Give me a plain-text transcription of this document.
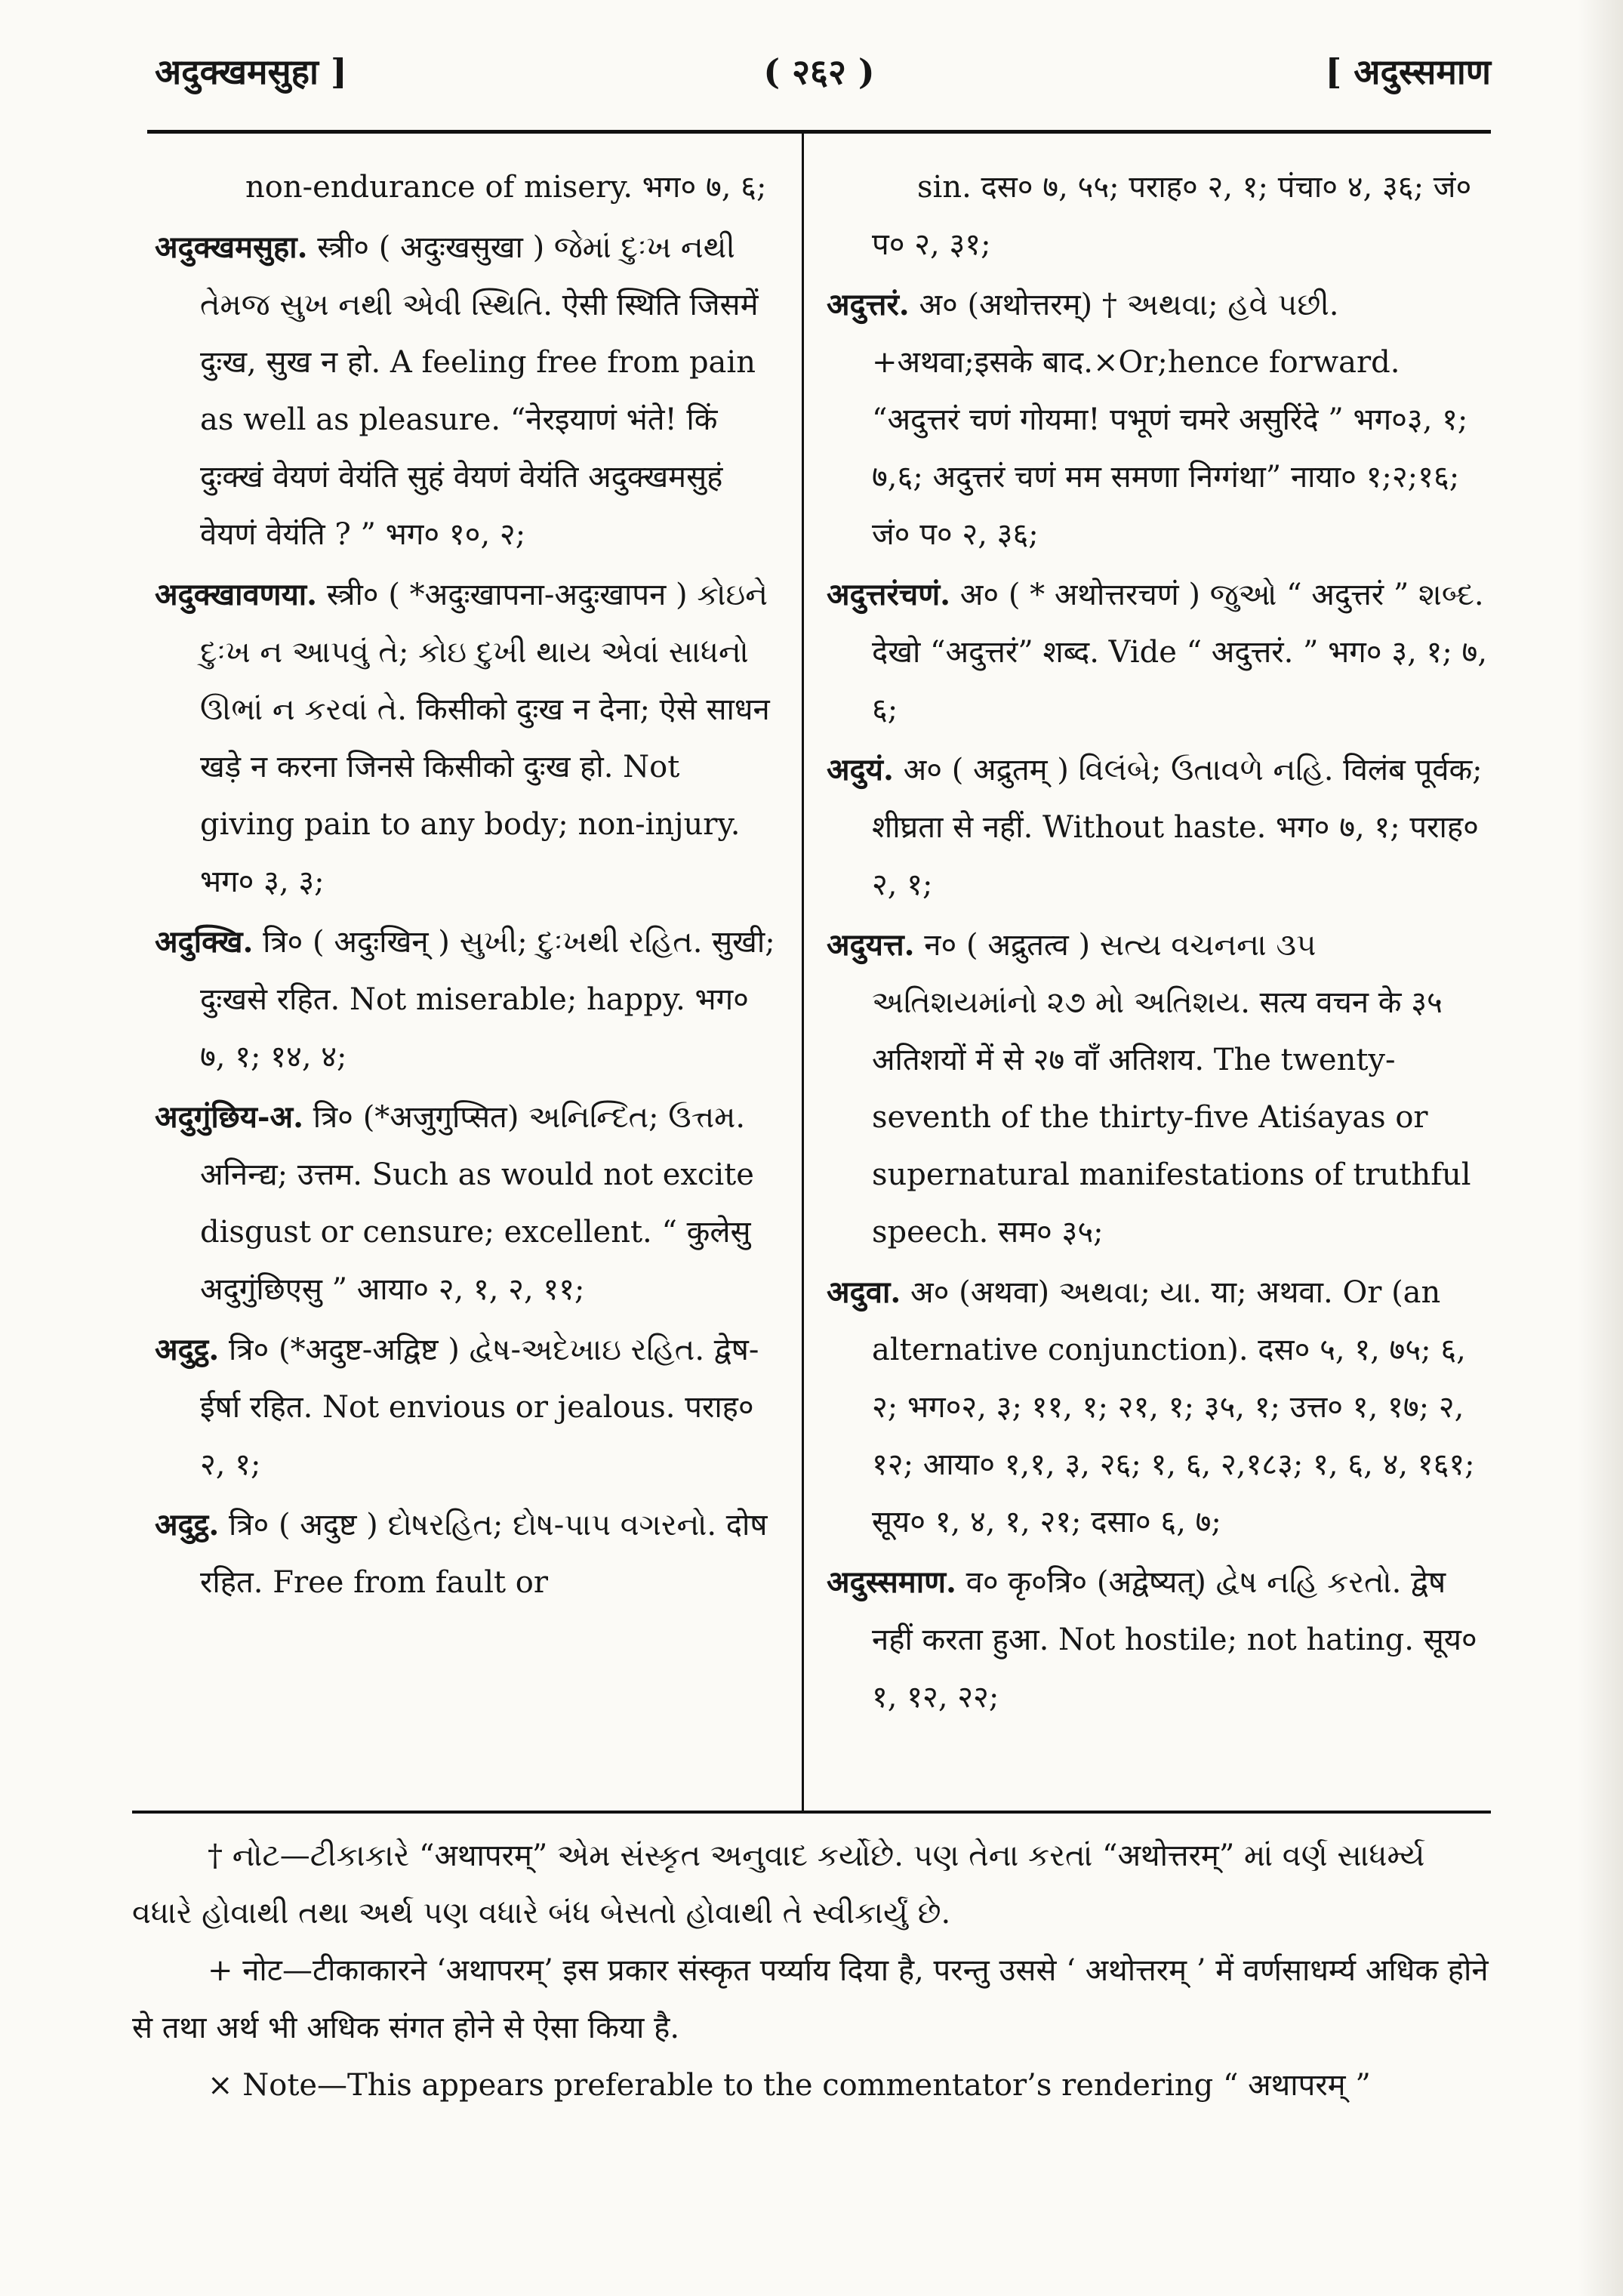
अदुक्खमसुहा ]	( २६२ )	[ अदुस्समाण

non-endurance of misery. भग० ७, ६;

अदुक्खमसुहा. स्त्री० ( अदुःखसुखा ) જેમાં દુઃખ નથી તેમજ સુખ નથી એવી સ્થિતિ. ऐसी स्थिति जिसमें दुःख, सुख न हो. A feeling free from pain as well as pleasure. “नेरइयाणं भंते! किं दुःक्खं वेयणं वेयंति सुहं वेयणं वेयंति अदुक्खमसुहं वेयणं वेयंति ? ” भग० १०, २;

अदुक्खावणया. स्त्री० ( *अदुःखापना-अदुःखापन ) કોઇને દુઃખ ન આપવું તે; કોઇ દુખી થાય એવાં સાધનો ઊભાં ન કરવાં તે. किसीको दुःख न देना; ऐसे साधन खड़े न करना जिनसे किसीको दुःख हो. Not giving pain to any body; non-injury. भग० ३, ३;

अदुक्खि. त्रि० ( अदुःखिन् ) સુખી; દુઃખથી રહિત. सुखी; दुःखसे रहित. Not miserable; happy. भग० ७, १; १४, ४;

अदुगुंछिय-अ. त्रि० (*अजुगुप्सित) અનિન્દિત; ઉત્તમ. अनिन्द्य; उत्तम. Such as would not excite disgust or censure; excellent. “ कुलेसु अदुगुंछिएसु ” आया० २, १, २, ११;

अदुट्ठ. त्रि० (*अदुष्ट-अद्विष्ट ) દ્વેષ-અદેખાઇ રહિત. द्वेष-ईर्षा रहित. Not envious or jealous. पराह० २, १;

अदुट्ठ. त्रि० ( अदुष्ट ) દોષરહિત; દોષ-પાપ વગરનો. दोष रहित. Free from fault or

sin. दस० ७, ५५; पराह० २, १; पंचा० ४, ३६; जं० प० २, ३१;

अदुत्तरं. अ० (अथोत्तरम्) † અથવા; હવે પછી. +अथवा;इसके बाद.×Or;hence forward. “अदुत्तरं चणं गोयमा! पभूणं चमरे असुरिंदे ” भग०३, १; ७,६; अदुत्तरं चणं मम समणा निग्गंथा” नाया० १;२;१६; जं० प० २, ३६;

अदुत्तरंचणं. अ० ( * अथोत्तरचणं ) જુઓ “ अदुत्तरं ” શબ્દ. देखो “अदुत्तरं” शब्द. Vide “ अदुत्तरं. ” भग० ३, १; ७, ६;

अदुयं. अ० ( अद्रुतम् ) વિલંબે; ઉતાવળે નહિ. विलंब पूर्वक; शीघ्रता से नहीं. Without haste. भग० ७, १; पराह० २, १;

अदुयत्त. न० ( अद्रुतत्व ) સત્ય વચનના ૩૫ અતિશયમાંનો ૨૭ મો અતિશય. सत्य वचन के ३५ अतिशयों में से २७ वाँ अतिशय. The twenty-seventh of the thirty-five Atiśayas or supernatural manifestations of truthful speech. सम० ३५;

अदुवा. अ० (अथवा) અથવા; યા. या; अथवा. Or (an alternative conjunction). दस० ५, १, ७५; ६, २; भग०२, ३; ११, १; २१, १; ३५, १; उत्त० १, १७; २, १२; आया० १,१, ३, २६; १, ६, २,१८३; १, ६, ४, १६१; सूय० १, ४, १, २१; दसा० ६, ७;

अदुस्समाण. व० कृ०त्रि० (अद्वेष्यत्) દ્વેષ નહિ કરતો. द्वेष नहीं करता हुआ. Not hostile; not hating. सूय० १, १२, २२;

† નોટ—ટીકાકારે “अथापरम्” એમ સંસ્કૃત અનુવાદ કર્યોછે. પણ તેના કરતાં “अथोत्तरम्” માં વર્ણ સાધર્મ્ય વધારે હોવાથી તથા અર્થ પણ વધારે બંધ બેસતો હોવાથી તે સ્વીકાર્યું છે.

+ नोट—टीकाकारने ‘अथापरम्’ इस प्रकार संस्कृत पर्य्याय दिया है, परन्तु उससे ‘ अथोत्तरम् ’ में वर्णसाधर्म्य अधिक होने से तथा अर्थ भी अधिक संगत होने से ऐसा किया है.

× Note—This appears preferable to the commentator’s rendering “ अथापरम् ”
